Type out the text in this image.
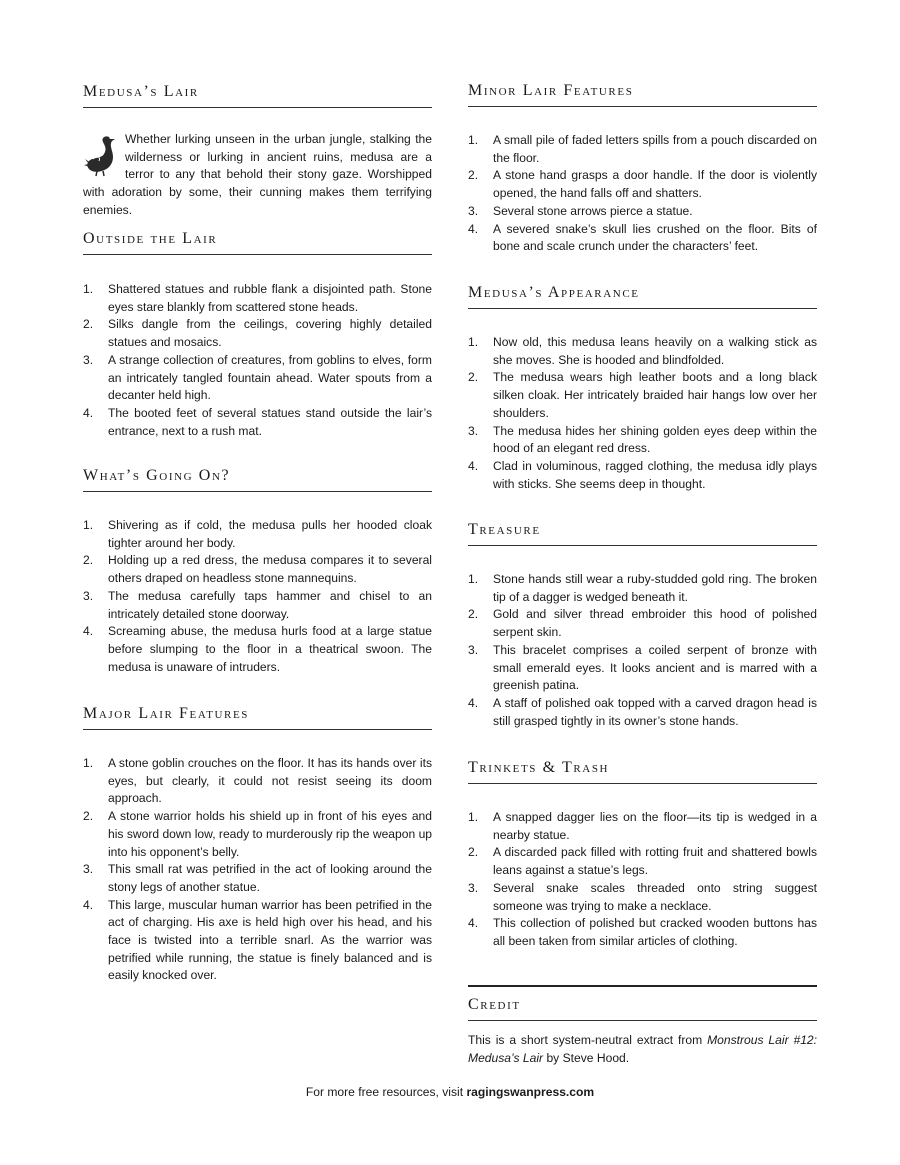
Medusa’s Lair

Whether lurking unseen in the urban jungle, stalking the wilderness or lurking in ancient ruins, medusa are a terror to any that behold their stony gaze. Worshipped with adoration by some, their cunning makes them terrifying enemies.

Outside the Lair
1. Shattered statues and rubble flank a disjointed path. Stone eyes stare blankly from scattered stone heads.
2. Silks dangle from the ceilings, covering highly detailed statues and mosaics.
3. A strange collection of creatures, from goblins to elves, form an intricately tangled fountain ahead. Water spouts from a decanter held high.
4. The booted feet of several statues stand outside the lair’s entrance, next to a rush mat.
What’s Going On?
1. Shivering as if cold, the medusa pulls her hooded cloak tighter around her body.
2. Holding up a red dress, the medusa compares it to several others draped on headless stone mannequins.
3. The medusa carefully taps hammer and chisel to an intricately detailed stone doorway.
4. Screaming abuse, the medusa hurls food at a large statue before slumping to the floor in a theatrical swoon. The medusa is unaware of intruders.
Major Lair Features
1. A stone goblin crouches on the floor. It has its hands over its eyes, but clearly, it could not resist seeing its doom approach.
2. A stone warrior holds his shield up in front of his eyes and his sword down low, ready to murderously rip the weapon up into his opponent’s belly.
3. This small rat was petrified in the act of looking around the stony legs of another statue.
4. This large, muscular human warrior has been petrified in the act of charging. His axe is held high over his head, and his face is twisted into a terrible snarl. As the warrior was petrified while running, the statue is finely balanced and is easily knocked over.
Minor Lair Features
1. A small pile of faded letters spills from a pouch discarded on the floor.
2. A stone hand grasps a door handle. If the door is violently opened, the hand falls off and shatters.
3. Several stone arrows pierce a statue.
4. A severed snake’s skull lies crushed on the floor. Bits of bone and scale crunch under the characters’ feet.
Medusa’s Appearance
1. Now old, this medusa leans heavily on a walking stick as she moves. She is hooded and blindfolded.
2. The medusa wears high leather boots and a long black silken cloak. Her intricately braided hair hangs low over her shoulders.
3. The medusa hides her shining golden eyes deep within the hood of an elegant red dress.
4. Clad in voluminous, ragged clothing, the medusa idly plays with sticks. She seems deep in thought.
Treasure
1. Stone hands still wear a ruby-studded gold ring. The broken tip of a dagger is wedged beneath it.
2. Gold and silver thread embroider this hood of polished serpent skin.
3. This bracelet comprises a coiled serpent of bronze with small emerald eyes. It looks ancient and is marred with a greenish patina.
4. A staff of polished oak topped with a carved dragon head is still grasped tightly in its owner’s stone hands.
Trinkets & Trash
1. A snapped dagger lies on the floor—its tip is wedged in a nearby statue.
2. A discarded pack filled with rotting fruit and shattered bowls leans against a statue’s legs.
3. Several snake scales threaded onto string suggest someone was trying to make a necklace.
4. This collection of polished but cracked wooden buttons has all been taken from similar articles of clothing.
Credit

This is a short system-neutral extract from Monstrous Lair #12: Medusa’s Lair by Steve Hood.

For more free resources, visit ragingswanpress.com
